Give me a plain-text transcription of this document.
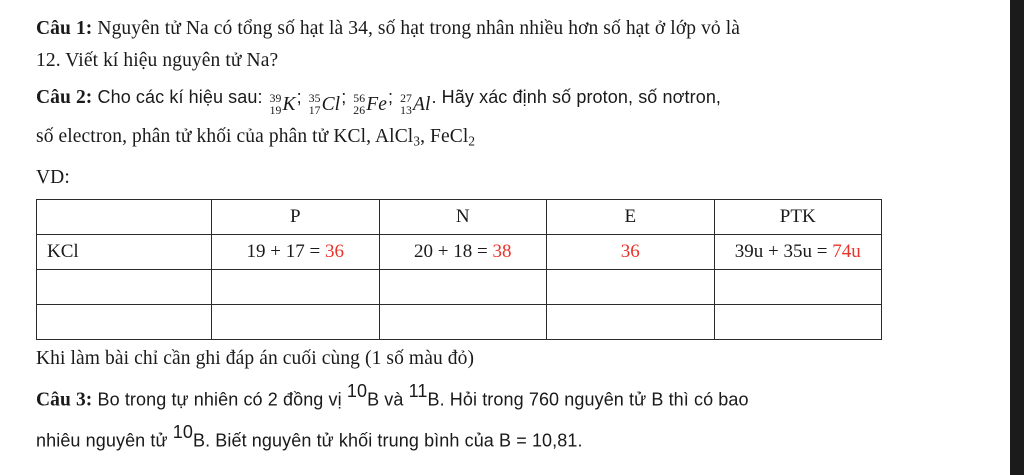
Câu 1: Nguyên tử Na có tổng số hạt là 34, số hạt trong nhân nhiều hơn số hạt ở lớp vỏ là
12. Viết kí hiệu nguyên tử Na?
Câu 2: Cho các kí hiệu sau: 39
19 K; 35
17 Cl; 56
26 Fe; 27
13 Al. Hãy xác định số proton, số nơtron,
số electron, phân tử khối của phân tử KCl, AlCl$_3$, FeCl$_2$
VD:
	P	N	E	PTK
KCl	19 + 17 = 36	20 + 18 = 38	36	39u + 35u = 74u

Khi làm bài chỉ cần ghi đáp án cuối cùng (1 số màu đỏ)
Câu 3: Bo trong tự nhiên có 2 đồng vị $^{10}$B và $^{11}$B. Hỏi trong 760 nguyên tử B thì có bao
nhiêu nguyên tử $^{10}$B. Biết nguyên tử khối trung bình của B = 10,81.
